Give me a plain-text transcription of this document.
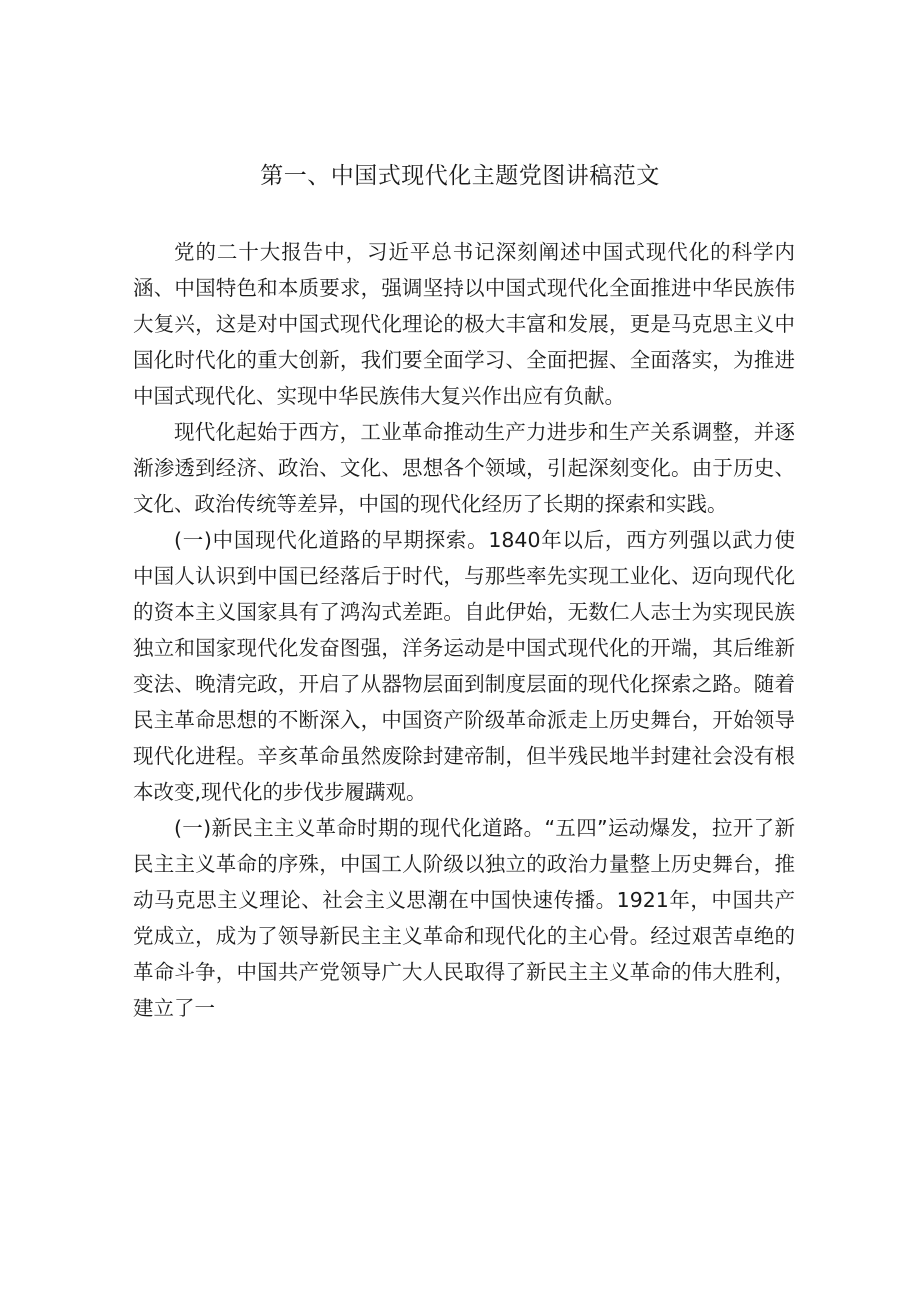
第一、中国式现代化主题党图讲稿范文

党的二十大报告中，习近平总书记深刻阐述中国式现代化的科学内涵、中国特色和本质要求，强调坚持以中国式现代化全面推进中华民族伟大复兴，这是对中国式现代化理论的极大丰富和发展，更是马克思主义中国化时代化的重大创新，我们要全面学习、全面把握、全面落实，为推进中国式现代化、实现中华民族伟大复兴作出应有负献。

现代化起始于西方，工业革命推动生产力进步和生产关系调整，并逐渐渗透到经济、政治、文化、思想各个领域，引起深刻变化。由于历史、文化、政治传统等差异，中国的现代化经历了长期的探索和实践。

(一)中国现代化道路的早期探索。1840年以后，西方列强以武力使中国人认识到中国已经落后于时代，与那些率先实现工业化、迈向现代化的资本主义国家具有了鸿沟式差距。自此伊始，无数仁人志士为实现民族独立和国家现代化发奋图强，洋务运动是中国式现代化的开端，其后维新变法、晚清完政，开启了从器物层面到制度层面的现代化探索之路。随着民主革命思想的不断深入，中国资产阶级革命派走上历史舞台，开始领导现代化进程。辛亥革命虽然废除封建帝制，但半残民地半封建社会没有根本改变,现代化的步伐步履蹒观。

(一)新民主主义革命时期的现代化道路。“五四”运动爆发，拉开了新民主主义革命的序殊，中国工人阶级以独立的政治力量整上历史舞台，推动马克思主义理论、社会主义思潮在中国快速传播。1921年，中国共产党成立，成为了领导新民主主义革命和现代化的主心骨。经过艰苦卓绝的革命斗争，中国共产党领导广大人民取得了新民主主义革命的伟大胜利，建立了一
